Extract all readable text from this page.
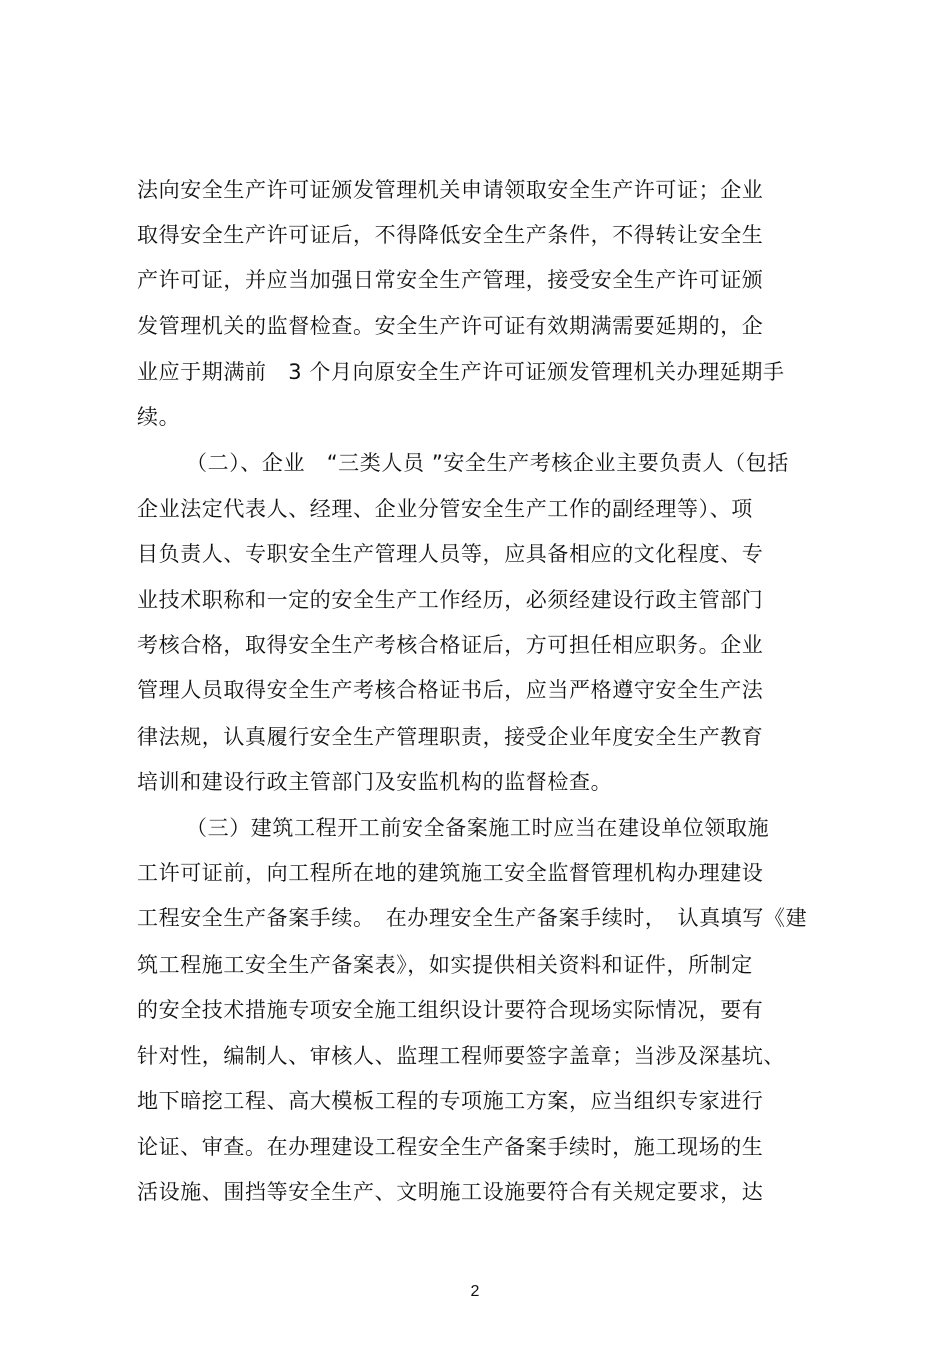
法向安全生产许可证颁发管理机关申请领取安全生产许可证；企业
取得安全生产许可证后，不得降低安全生产条件，不得转让安全生
产许可证，并应当加强日常安全生产管理，接受安全生产许可证颁
发管理机关的监督检查。安全生产许可证有效期满需要延期的，企
业应于期满前　3 个月向原安全生产许可证颁发管理机关办理延期手
续。
（二）、企业　“三类人员 ”安全生产考核企业主要负责人（包括
企业法定代表人、经理、企业分管安全生产工作的副经理等）、项
目负责人、专职安全生产管理人员等，应具备相应的文化程度、专
业技术职称和一定的安全生产工作经历，必须经建设行政主管部门
考核合格，取得安全生产考核合格证后，方可担任相应职务。企业
管理人员取得安全生产考核合格证书后，应当严格遵守安全生产法
律法规，认真履行安全生产管理职责，接受企业年度安全生产教育
培训和建设行政主管部门及安监机构的监督检查。
（三）建筑工程开工前安全备案施工时应当在建设单位领取施
工许可证前，向工程所在地的建筑施工安全监督管理机构办理建设
工程安全生产备案手续。　在办理安全生产备案手续时，　认真填写《建
筑工程施工安全生产备案表》，如实提供相关资料和证件，所制定
的安全技术措施专项安全施工组织设计要符合现场实际情况，要有
针对性，编制人、审核人、监理工程师要签字盖章；当涉及深基坑、
地下暗挖工程、高大模板工程的专项施工方案，应当组织专家进行
论证、审查。在办理建设工程安全生产备案手续时，施工现场的生
活设施、围挡等安全生产、文明施工设施要符合有关规定要求，达
2
